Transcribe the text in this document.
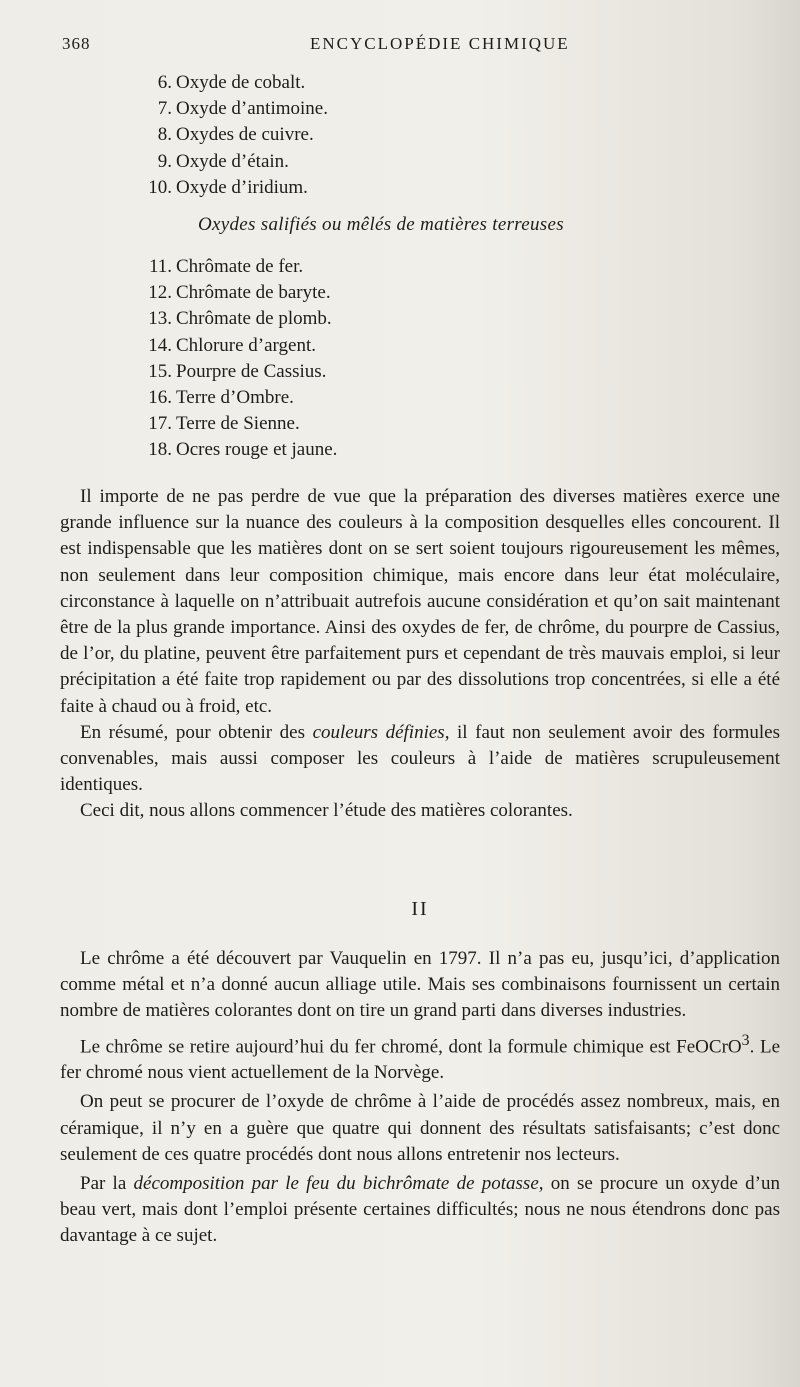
368	ENCYCLOPÉDIE CHIMIQUE
6. Oxyde de cobalt.
7. Oxyde d’antimoine.
8. Oxydes de cuivre.
9. Oxyde d’étain.
10. Oxyde d’iridium.
Oxydes salifiés ou mêlés de matières terreuses
11. Chrômate de fer.
12. Chrômate de baryte.
13. Chrômate de plomb.
14. Chlorure d’argent.
15. Pourpre de Cassius.
16. Terre d’Ombre.
17. Terre de Sienne.
18. Ocres rouge et jaune.

Il importe de ne pas perdre de vue que la préparation des diverses matières exerce une grande influence sur la nuance des couleurs à la composition desquelles elles concourent. Il est indispensable que les matières dont on se sert soient toujours rigoureusement les mêmes, non seulement dans leur composition chimique, mais encore dans leur état moléculaire, circonstance à laquelle on n’attribuait autrefois aucune considération et qu’on sait maintenant être de la plus grande importance. Ainsi des oxydes de fer, de chrôme, du pourpre de Cassius, de l’or, du platine, peuvent être parfaitement purs et cependant de très mauvais emploi, si leur précipitation a été faite trop rapidement ou par des dissolutions trop concentrées, si elle a été faite à chaud ou à froid, etc.

En résumé, pour obtenir des couleurs définies, il faut non seulement avoir des formules convenables, mais aussi composer les couleurs à l’aide de matières scrupuleusement identiques.

Ceci dit, nous allons commencer l’étude des matières colorantes.

II

Le chrôme a été découvert par Vauquelin en 1797. Il n’a pas eu, jusqu’ici, d’application comme métal et n’a donné aucun alliage utile. Mais ses combinaisons fournissent un certain nombre de matières colorantes dont on tire un grand parti dans diverses industries.

Le chrôme se retire aujourd’hui du fer chromé, dont la formule chimique est FeOCrO$^3$. Le fer chromé nous vient actuellement de la Norvège.

On peut se procurer de l’oxyde de chrôme à l’aide de procédés assez nombreux, mais, en céramique, il n’y en a guère que quatre qui donnent des résultats satisfaisants; c’est donc seulement de ces quatre procédés dont nous allons entretenir nos lecteurs.

Par la décomposition par le feu du bichrômate de potasse, on se procure un oxyde d’un beau vert, mais dont l’emploi présente certaines difficultés; nous ne nous étendrons donc pas davantage à ce sujet.
